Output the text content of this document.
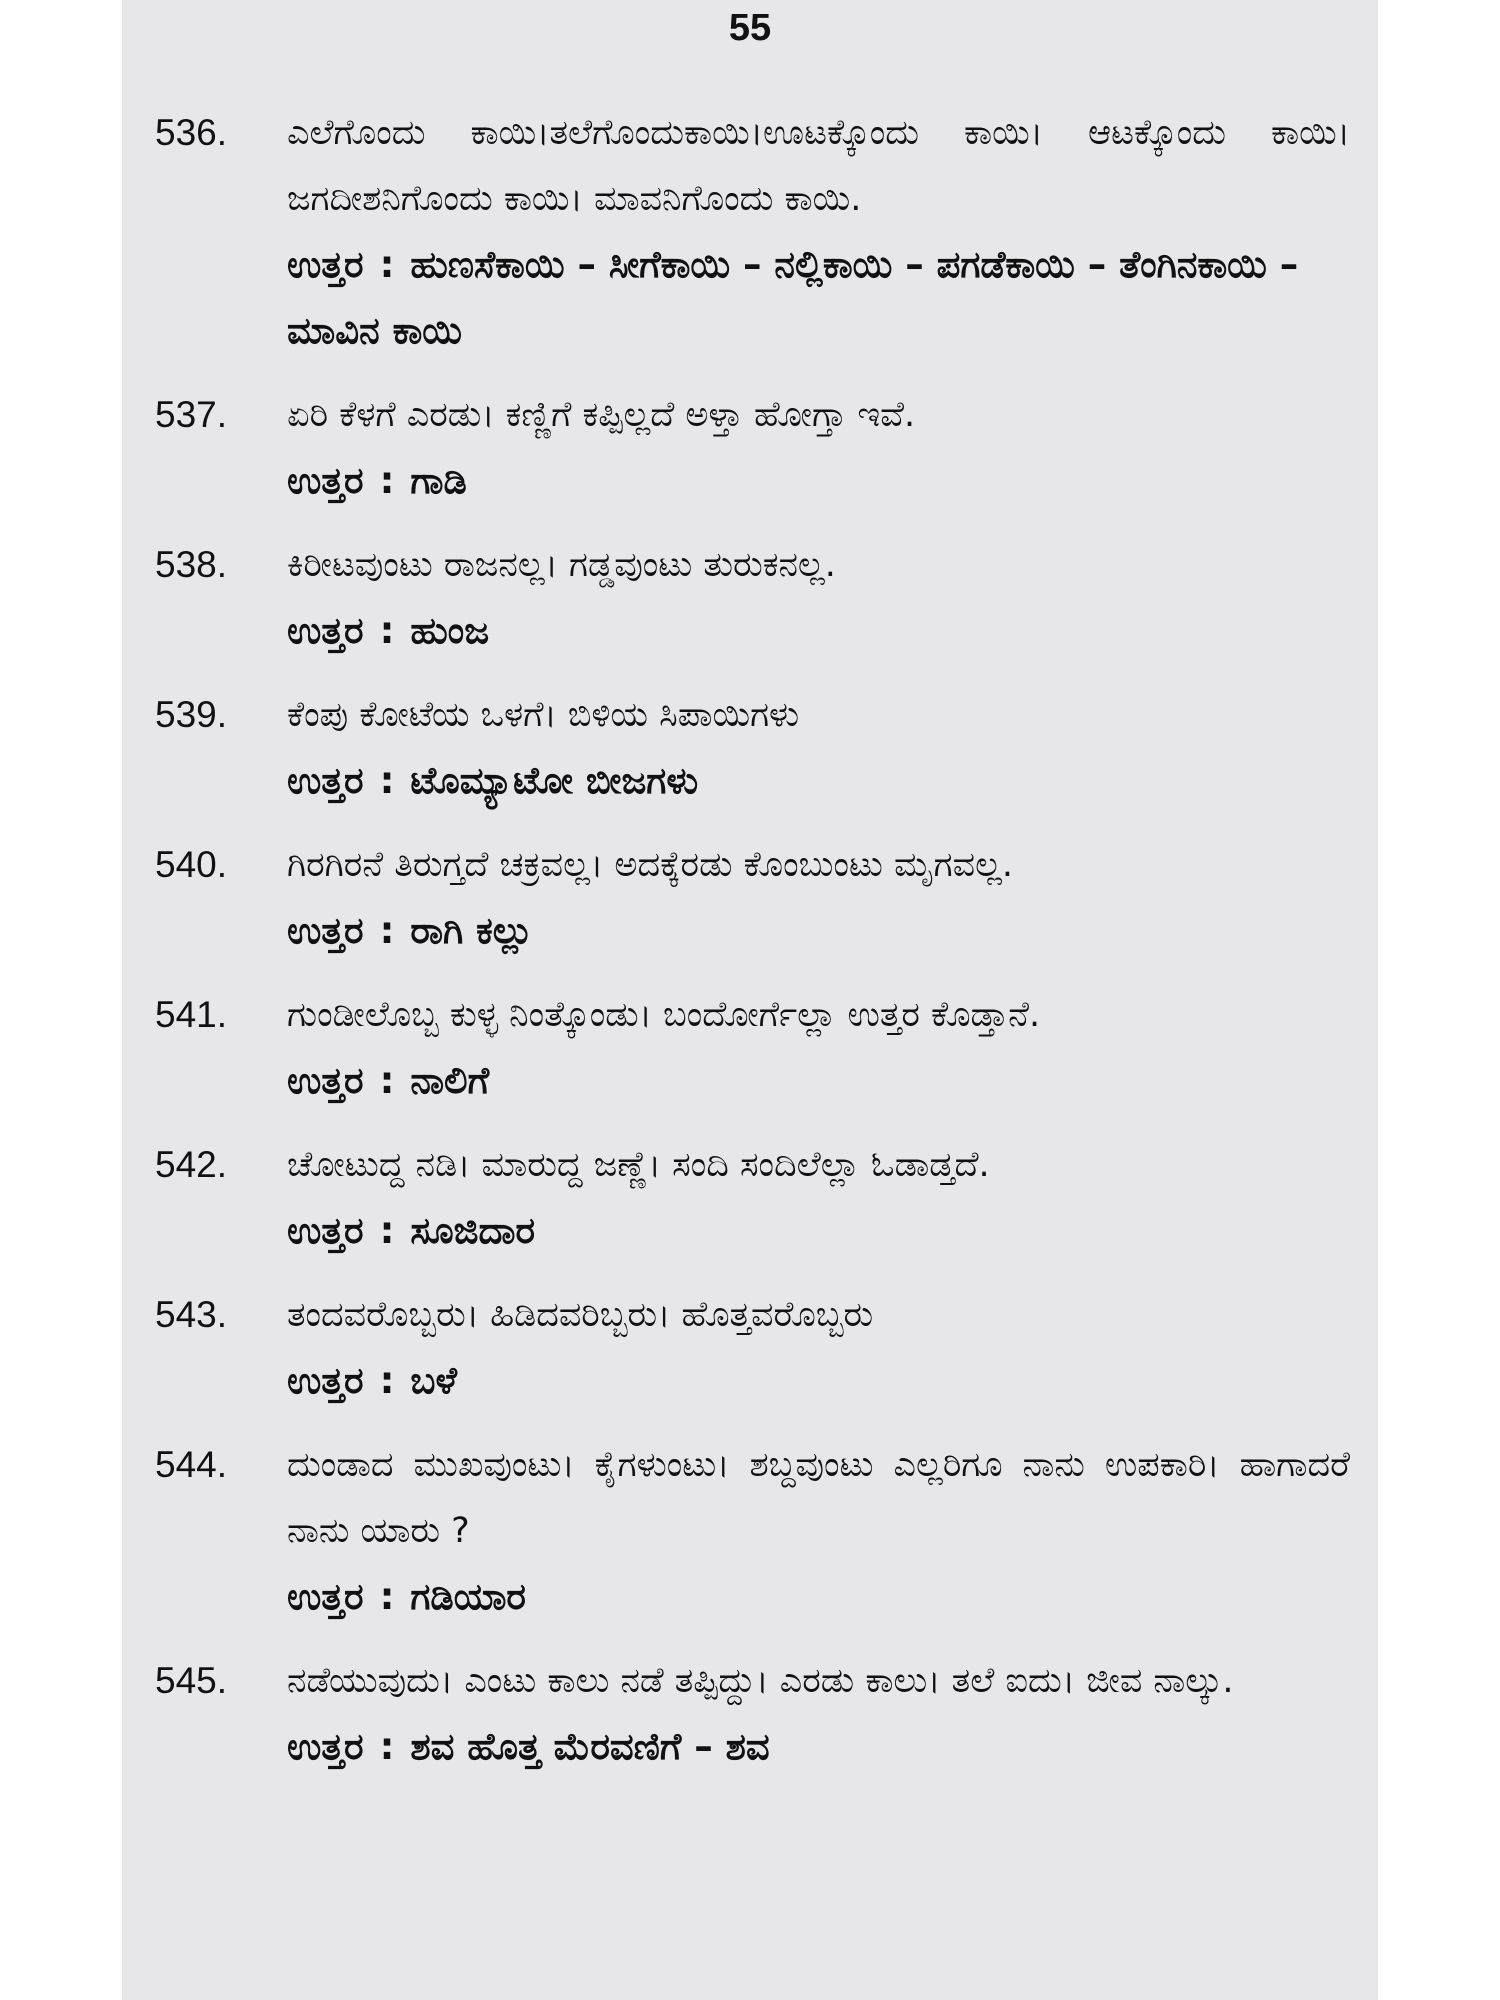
55
536. ಎಲೆಗೊಂದು ಕಾಯಿ।ತಲೆಗೊಂದುಕಾಯಿ।ಊಟಕ್ಕೊಂದು ಕಾಯಿ। ಆಟಕ್ಕೊಂದು ಕಾಯಿ। ಜಗದೀಶನಿಗೊಂದು ಕಾಯಿ। ಮಾವನಿಗೊಂದು ಕಾಯಿ.
ಉತ್ತರ : ಹುಣಸೆಕಾಯಿ – ಸೀಗೆಕಾಯಿ – ನಲ್ಲಿಕಾಯಿ – ಪಗಡೆಕಾಯಿ – ತೆಂಗಿನಕಾಯಿ – ಮಾವಿನ ಕಾಯಿ
537. ಏರಿ ಕೆಳಗೆ ಎರಡು। ಕಣ್ಣಿಗೆ ಕಪ್ಪಿಲ್ಲದೆ ಅಳ್ತಾ ಹೋಗ್ತಾ ಇವೆ.
ಉತ್ತರ : ಗಾಡಿ
538. ಕಿರೀಟವುಂಟು ರಾಜನಲ್ಲ। ಗಡ್ಡವುಂಟು ತುರುಕನಲ್ಲ.
ಉತ್ತರ : ಹುಂಜ
539. ಕೆಂಪು ಕೋಟೆಯ ಒಳಗೆ। ಬಿಳಿಯ ಸಿಪಾಯಿಗಳು
ಉತ್ತರ : ಟೊಮ್ಯಾಟೋ ಬೀಜಗಳು
540. ಗಿರಗಿರನೆ ತಿರುಗ್ತದೆ ಚಕ್ರವಲ್ಲ। ಅದಕ್ಕೆರಡು ಕೊಂಬುಂಟು ಮೃಗವಲ್ಲ.
ಉತ್ತರ : ರಾಗಿ ಕಲ್ಲು
541. ಗುಂಡೀಲೊಬ್ಬ ಕುಳ್ಳ ನಿಂತ್ಕೊಂಡು। ಬಂದೋರ್ಗೆಲ್ಲಾ ಉತ್ತರ ಕೊಡ್ತಾನೆ.
ಉತ್ತರ : ನಾಲಿಗೆ
542. ಚೋಟುದ್ದ ನಡಿ। ಮಾರುದ್ದ ಜಣ್ಣೆ। ಸಂದಿ ಸಂದಿಲೆಲ್ಲಾ ಓಡಾಡ್ತದೆ.
ಉತ್ತರ : ಸೂಜಿದಾರ
543. ತಂದವರೊಬ್ಬರು। ಹಿಡಿದವರಿಬ್ಬರು। ಹೊತ್ತವರೊಬ್ಬರು
ಉತ್ತರ : ಬಳೆ
544. ದುಂಡಾದ ಮುಖವುಂಟು। ಕೈಗಳುಂಟು। ಶಬ್ದವುಂಟು ಎಲ್ಲರಿಗೂ ನಾನು ಉಪಕಾರಿ। ಹಾಗಾದರೆ ನಾನು ಯಾರು ?
ಉತ್ತರ : ಗಡಿಯಾರ
545. ನಡೆಯುವುದು। ಎಂಟು ಕಾಲು ನಡೆ ತಪ್ಪಿದ್ದು। ಎರಡು ಕಾಲು। ತಲೆ ಐದು। ಜೀವ ನಾಲ್ಕು.
ಉತ್ತರ : ಶವ ಹೊತ್ತ ಮೆರವಣಿಗೆ – ಶವ
